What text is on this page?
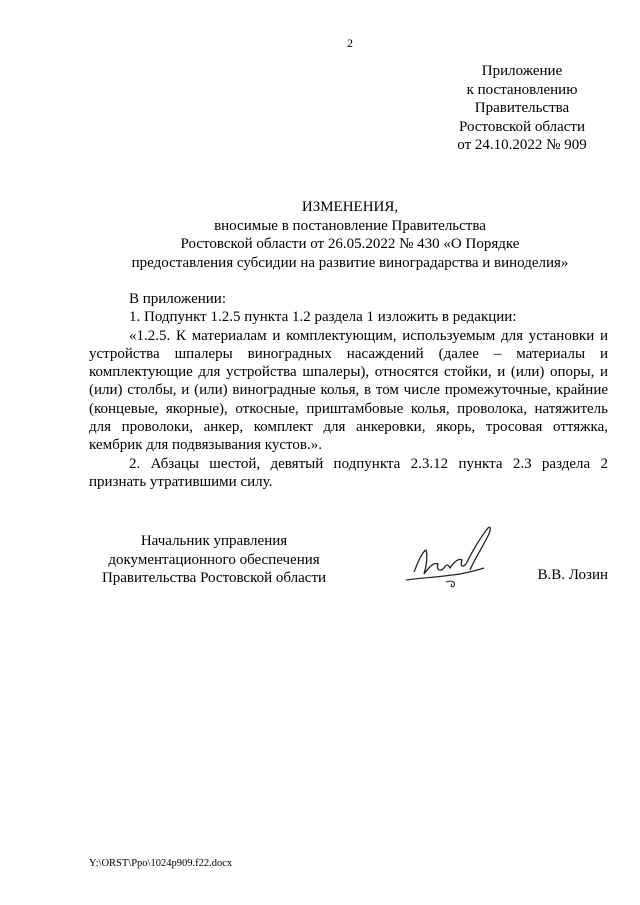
2
Приложение
к постановлению
Правительства
Ростовской области
от 24.10.2022 № 909
ИЗМЕНЕНИЯ,
вносимые в постановление Правительства
Ростовской области от 26.05.2022 № 430 «О Порядке
предоставления субсидии на развитие виноградарства и виноделия»

В приложении:

1. Подпункт 1.2.5 пункта 1.2 раздела 1 изложить в редакции:

«1.2.5. К материалам и комплектующим, используемым для установки и устройства шпалеры виноградных насаждений (далее – материалы и комплектующие для устройства шпалеры), относятся стойки, и (или) опоры, и (или) столбы, и (или) виноградные колья, в том числе промежуточные, крайние (концевые, якорные), откосные, приштамбовые колья, проволока, натяжитель для проволоки, анкер, комплект для анкеровки, якорь, тросовая оттяжка, кембрик для подвязывания кустов.».

2. Абзацы шестой, девятый подпункта 2.3.12 пункта 2.3 раздела 2 признать утратившими силу.

Начальник управления
документационного обеспечения
Правительства Ростовской области	В.В. Лозин
Y:\ORST\Ppo\1024p909.f22.docx
